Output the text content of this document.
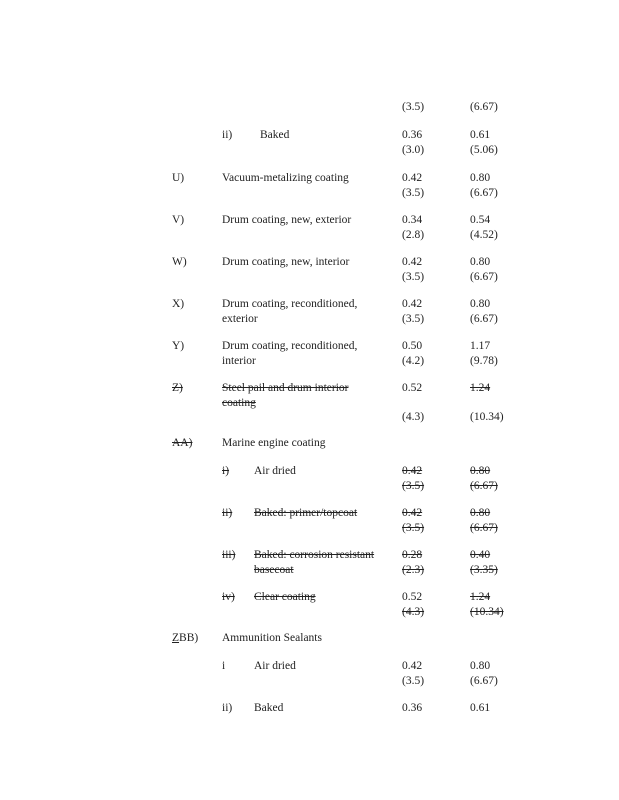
(3.5)	(6.67)
ii) Baked	0.36	0.61
(3.0)	(5.06)
U)	Vacuum-metalizing coating	0.42	0.80
(3.5)	(6.67)
V)	Drum coating, new, exterior	0.34	0.54
(2.8)	(4.52)
W)	Drum coating, new, interior	0.42	0.80
(3.5)	(6.67)
X)	Drum coating, reconditioned,
exterior
0.42	0.80
(3.5)	(6.67)
Y)	Drum coating, reconditioned,
interior
0.50	1.17
(4.2)	(9.78)
Z)	Steel pail and drum interior
coating
0.52	1.24
(4.3)	(10.34)
AA)	Marine engine coating
i) Air dried	0.42	0.80
(3.5)	(6.67)
ii) Baked: primer/topcoat	0.42	0.80
(3.5)	(6.67)
iii) Baked: corrosion resistant
basecoat
0.28	0.40
(2.3)	(3.35)
iv) Clear coating	0.52	1.24
(4.3)	(10.34)
ZBB) Ammunition Sealants
i	Air dried	0.42	0.80
(3.5)	(6.67)
ii) Baked	0.36	0.61
